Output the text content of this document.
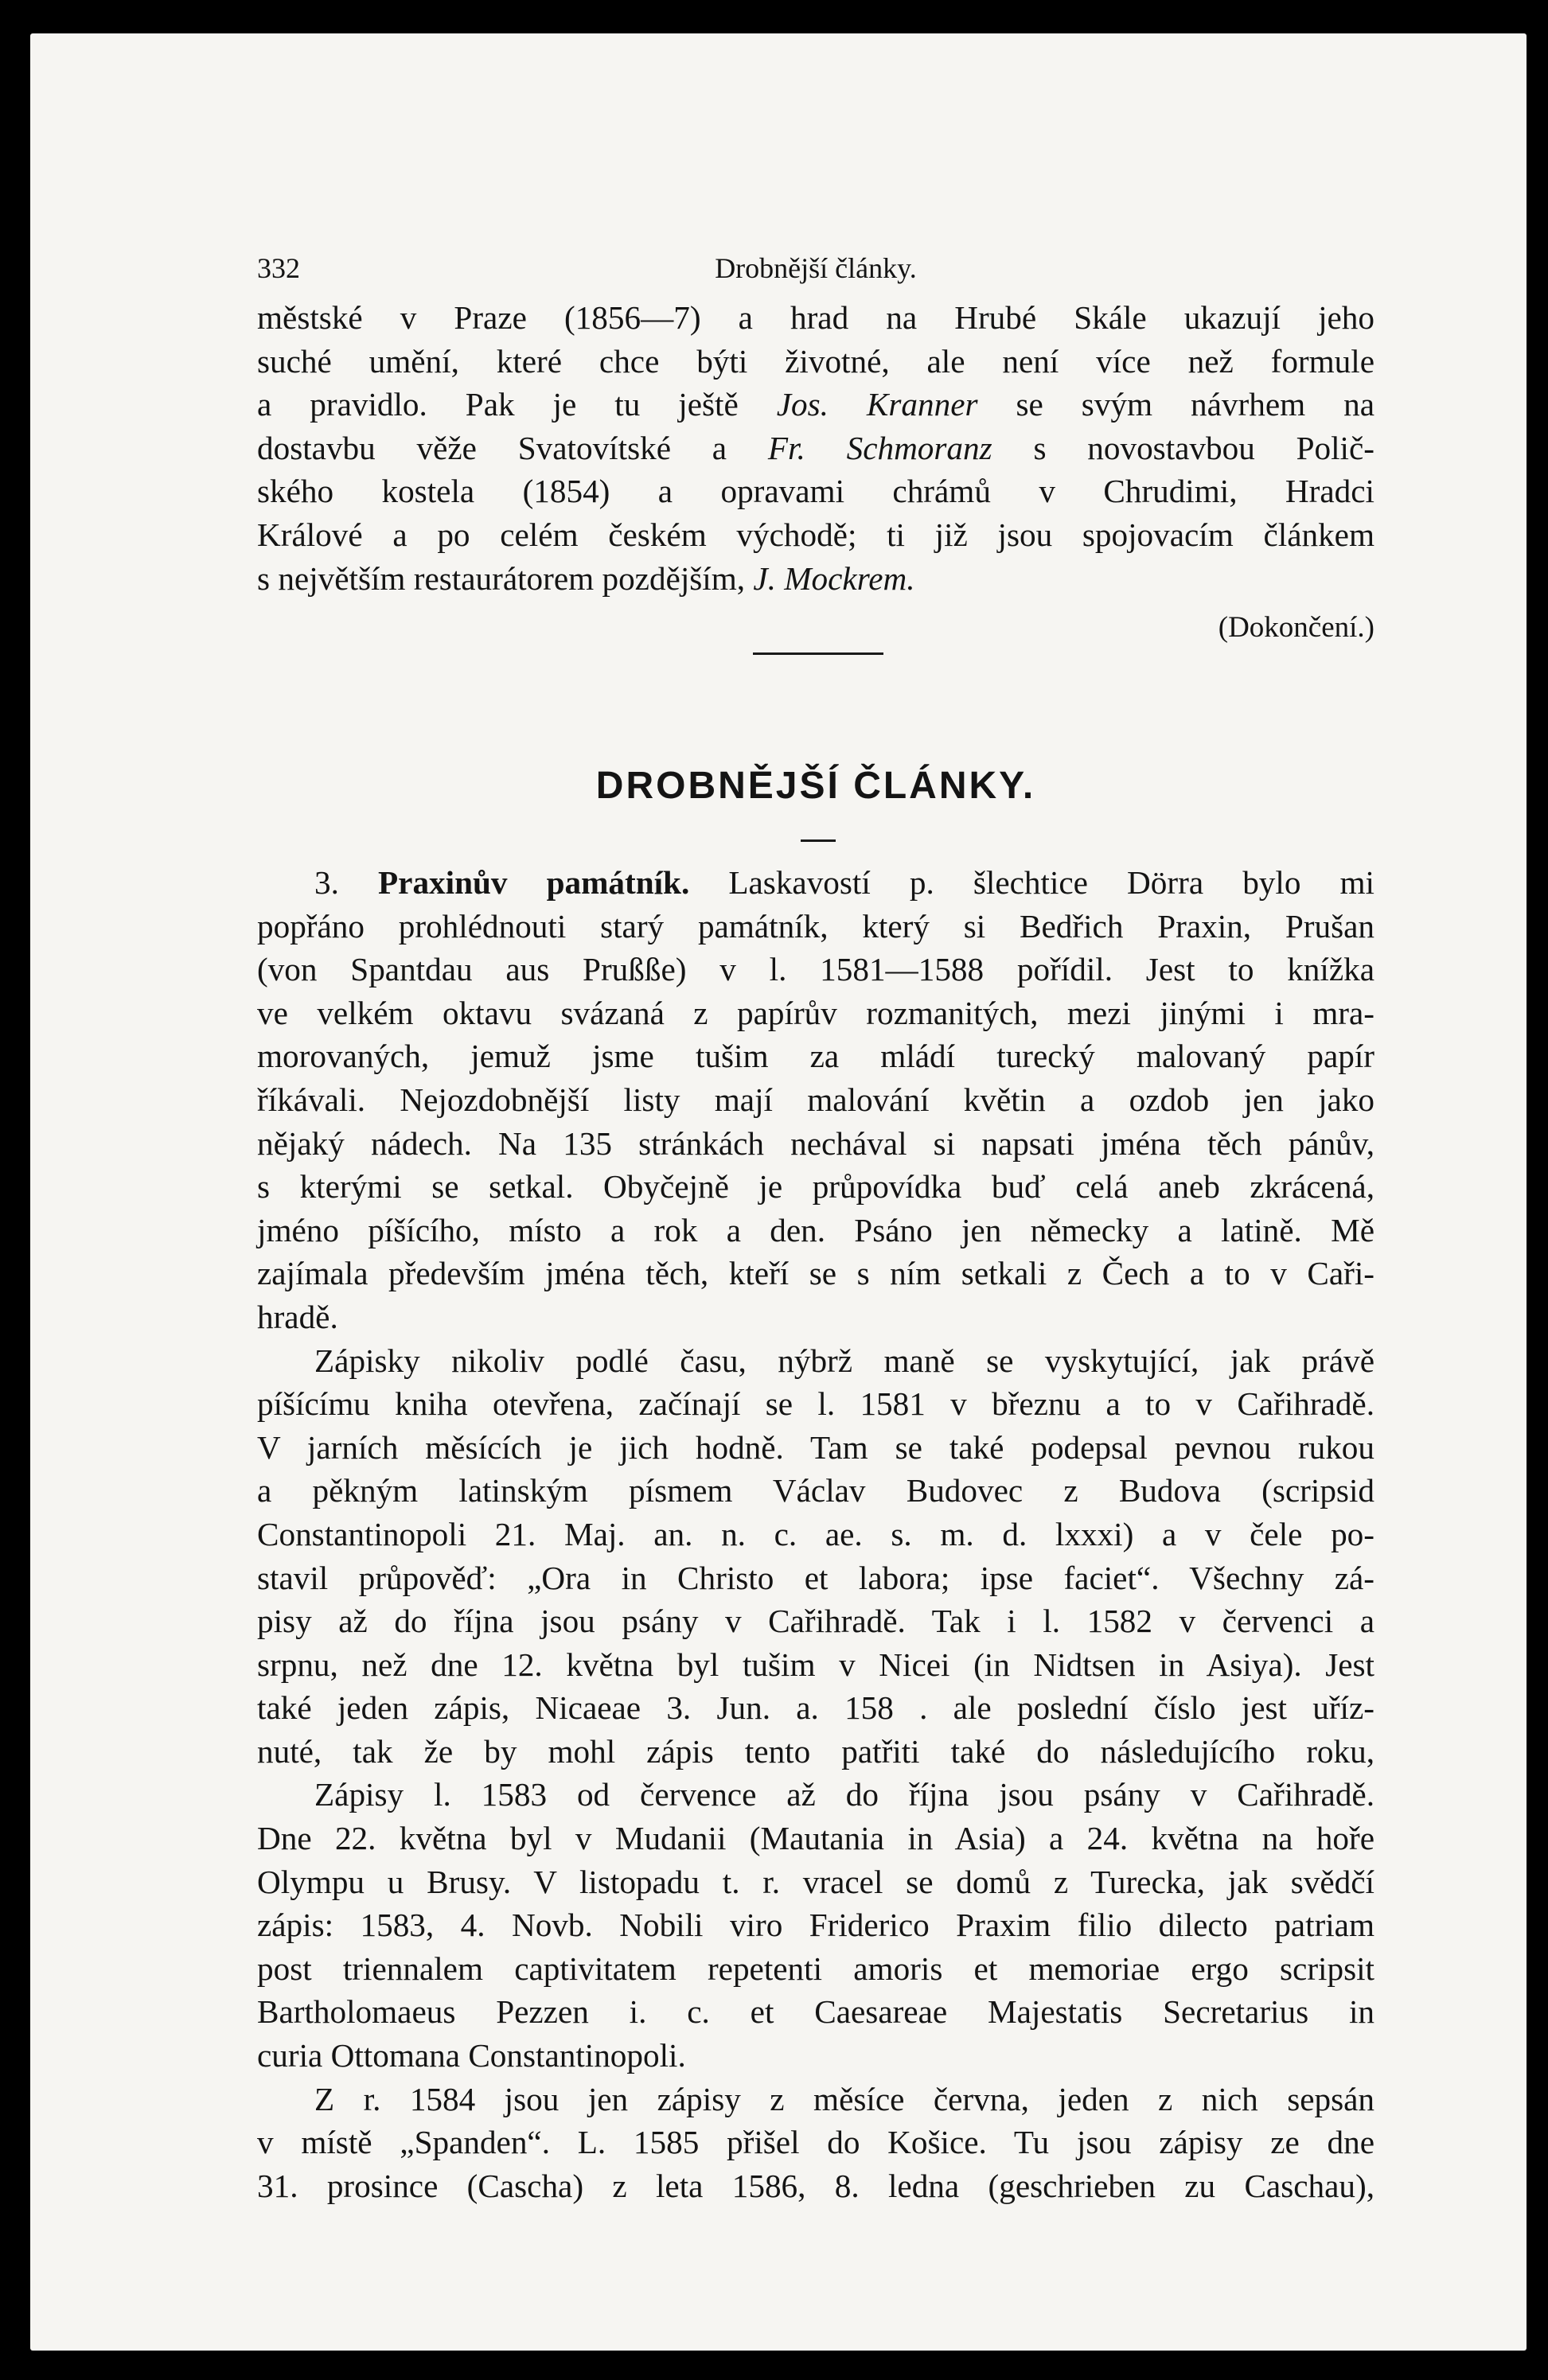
332	Drobnější články.
městské v Praze (1856—7) a hrad na Hrubé Skále ukazují jeho
suché umění, které chce býti životné, ale není více než formule
a pravidlo. Pak je tu ještě Jos. Kranner se svým návrhem na
dostavbu věže Svatovítské a Fr. Schmoranz s novostavbou Polič-
ského kostela (1854) a opravami chrámů v Chrudimi, Hradci
Králové a po celém českém východě; ti již jsou spojovacím článkem
s největším restaurátorem pozdějším, J. Mockrem.
(Dokončení.)
DROBNĚJŠÍ ČLÁNKY.
3. Praxinův památník. Laskavostí p. šlechtice Dörra bylo mi
popřáno prohlédnouti starý památník, který si Bedřich Praxin, Prušan
(von Spantdau aus Prußße) v l. 1581—1588 pořídil. Jest to knížka
ve velkém oktavu svázaná z papírův rozmanitých, mezi jinými i mra-
morovaných, jemuž jsme tušim za mládí turecký malovaný papír
říkávali. Nejozdobnější listy mají malování květin a ozdob jen jako
nějaký nádech. Na 135 stránkách nechával si napsati jména těch pánův,
s kterými se setkal. Obyčejně je průpovídka buď celá aneb zkrácená,
jméno píšícího, místo a rok a den. Psáno jen německy a latině. Mě
zajímala především jména těch, kteří se s ním setkali z Čech a to v Caři-
hradě.
Zápisky nikoliv podlé času, nýbrž maně se vyskytující, jak právě
píšícímu kniha otevřena, začínají se l. 1581 v březnu a to v Cařihradě.
V jarních měsících je jich hodně. Tam se také podepsal pevnou rukou
a pěkným latinským písmem Václav Budovec z Budova (scripsid
Constantinopoli 21. Maj. an. n. c. ae. s. m. d. lxxxi) a v čele po-
stavil průpověď: „Ora in Christo et labora; ipse faciet“. Všechny zá-
pisy až do října jsou psány v Cařihradě. Tak i l. 1582 v červenci a
srpnu, než dne 12. května byl tušim v Nicei (in Nidtsen in Asiya). Jest
také jeden zápis, Nicaeae 3. Jun. a. 158 . ale poslední číslo jest uříz-
nuté, tak že by mohl zápis tento patřiti také do následujícího roku,
Zápisy l. 1583 od července až do října jsou psány v Cařihradě.
Dne 22. května byl v Mudanii (Mautania in Asia) a 24. května na hoře
Olympu u Brusy. V listopadu t. r. vracel se domů z Turecka, jak svědčí
zápis: 1583, 4. Novb. Nobili viro Friderico Praxim filio dilecto patriam
post triennalem captivitatem repetenti amoris et memoriae ergo scripsit
Bartholomaeus Pezzen i. c. et Caesareae Majestatis Secretarius in
curia Ottomana Constantinopoli.
Z r. 1584 jsou jen zápisy z měsíce června, jeden z nich sepsán
v místě „Spanden“. L. 1585 přišel do Košice. Tu jsou zápisy ze dne
31. prosince (Cascha) z leta 1586, 8. ledna (geschrieben zu Caschau),
